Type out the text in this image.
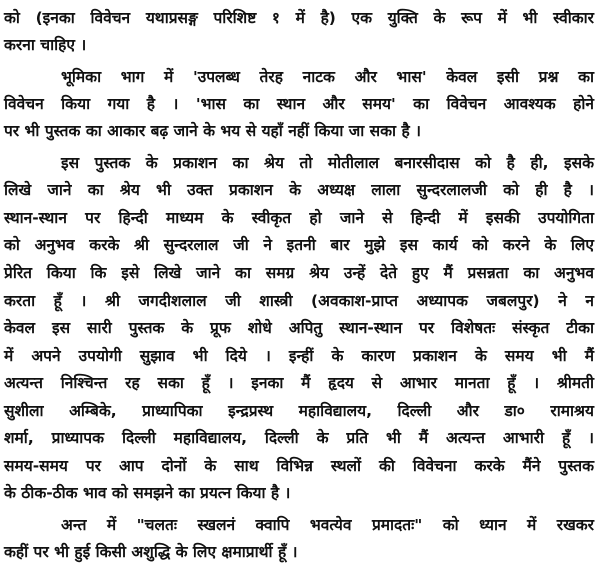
को (इनका विवेचन यथाप्रसङ्ग परिशिष्ट १ में है) एक युक्ति के रूप में भी स्वीकार
करना चाहिए ।
भूमिका भाग में 'उपलब्ध तेरह नाटक और भास' केवल इसी प्रश्न का
विवेचन किया गया है । 'भास का स्थान और समय' का विवेचन आवश्यक होने
पर भी पुस्तक का आकार बढ़ जाने के भय से यहाँ नहीं किया जा सका है ।
इस पुस्तक के प्रकाशन का श्रेय तो मोतीलाल बनारसीदास को है ही, इसके
लिखे जाने का श्रेय भी उक्त प्रकाशन के अध्यक्ष लाला सुन्दरलालजी को ही है ।
स्थान-स्थान पर हिन्दी माध्यम के स्वीकृत हो जाने से हिन्दी में इसकी उपयोगिता
को अनुभव करके श्री सुन्दरलाल जी ने इतनी बार मुझे इस कार्य को करने के लिए
प्रेरित किया कि इसे लिखे जाने का समग्र श्रेय उन्हें देते हुए मैं प्रसन्नता का अनुभव
करता हूँ । श्री जगदीशलाल जी शास्त्री (अवकाश-प्राप्त अध्यापक जबलपुर) ने न
केवल इस सारी पुस्तक के प्रूफ शोधे अपितु स्थान-स्थान पर विशेषतः संस्कृत टीका
में अपने उपयोगी सुझाव भी दिये । इन्हीं के कारण प्रकाशन के समय भी मैं
अत्यन्त निश्चिन्त रह सका हूँ । इनका मैं हृदय से आभार मानता हूँ । श्रीमती
सुशीला अम्बिके, प्राध्यापिका इन्द्रप्रस्थ महाविद्यालय, दिल्ली और डा० रामाश्रय
शर्मा, प्राध्यापक दिल्ली महाविद्यालय, दिल्ली के प्रति भी मैं अत्यन्त आभारी हूँ ।
समय-समय पर आप दोनों के साथ विभिन्न स्थलों की विवेचना करके मैंने पुस्तक
के ठीक-ठीक भाव को समझने का प्रयत्न किया है ।
अन्त में "चलतः स्खलनं क्वापि भवत्येव प्रमादतः" को ध्यान में रखकर
कहीं पर भी हुई किसी अशुद्धि के लिए क्षमाप्रार्थी हूँ ।
